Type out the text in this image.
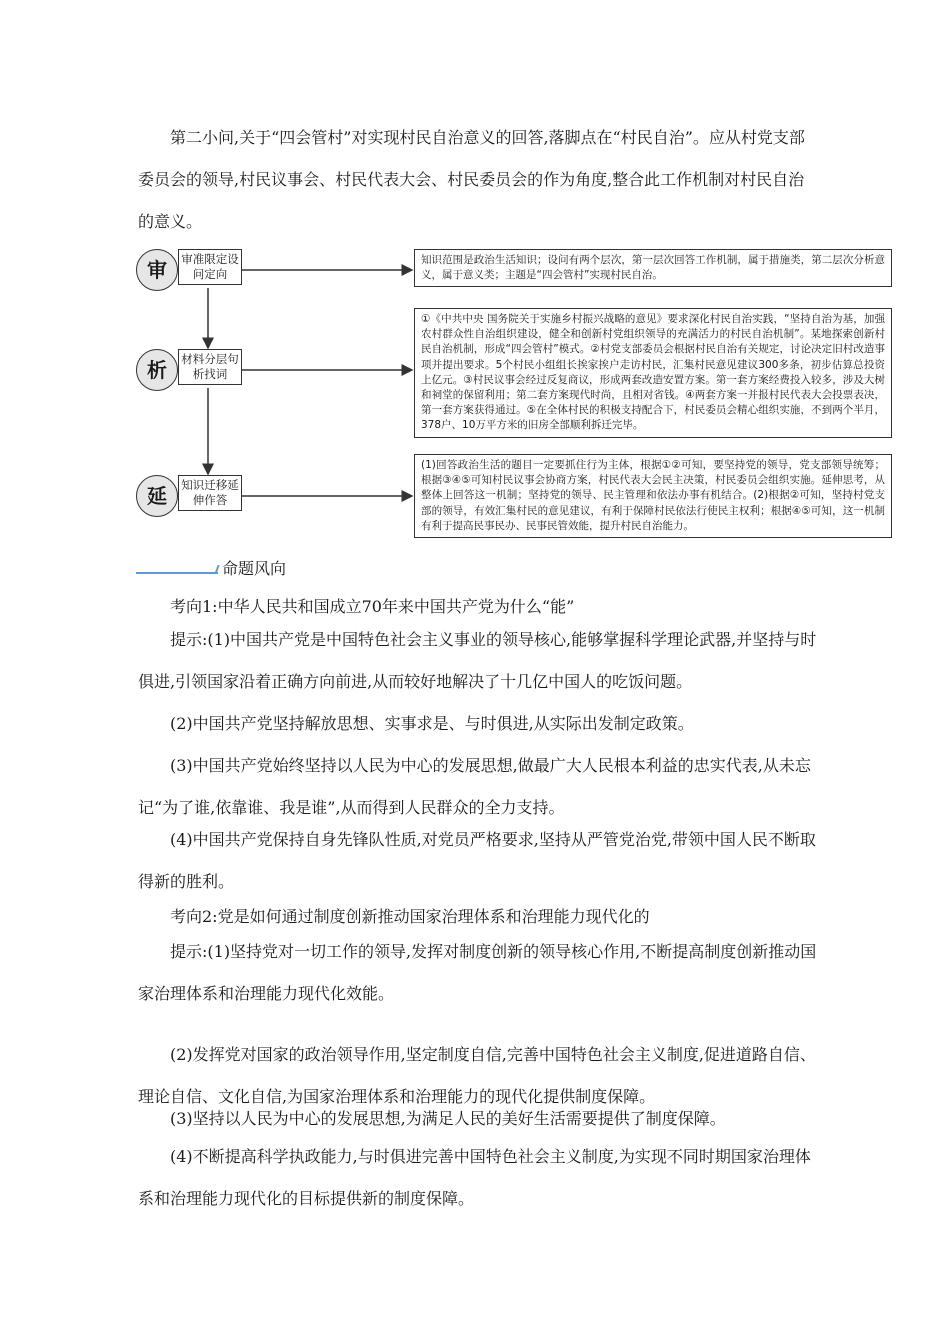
第二小问,关于“四会管村”对实现村民自治意义的回答,落脚点在“村民自治”。应从村党支部委员会的领导,村民议事会、村民代表大会、村民委员会的作为角度,整合此工作机制对村民自治的意义。

审	审准限定设问定向
知识范围是政治生活知识；设问有两个层次，第一层次回答工作机制，属于措施类，第二层次分析意义，属于意义类；主题是“四会管村”实现村民自治。
析	材料分层句析找词
①《中共中央 国务院关于实施乡村振兴战略的意见》要求深化村民自治实践，“坚持自治为基，加强农村群众性自治组织建设，健全和创新村党组织领导的充满活力的村民自治机制”。某地探索创新村民自治机制，形成“四会管村”模式。②村党支部委员会根据村民自治有关规定，讨论决定旧村改造事项并提出要求。5个村民小组组长挨家挨户走访村民，汇集村民意见建议300多条，初步估算总投资上亿元。③村民议事会经过反复商议，形成两套改造安置方案。第一套方案经费投入较多，涉及大树和祠堂的保留利用；第二套方案现代时尚，且相对省钱。④两套方案一并报村民代表大会投票表决，第一套方案获得通过。⑤在全体村民的积极支持配合下，村民委员会精心组织实施，不到两个半月，378户、10万平方米的旧房全部顺利拆迁完毕。
延	知识迁移延伸作答
(1)回答政治生活的题目一定要抓住行为主体，根据①②可知，要坚持党的领导，党支部领导统筹；根据③④⑤可知村民议事会协商方案，村民代表大会民主决策，村民委员会组织实施。延伸思考，从整体上回答这一机制；坚持党的领导、民主管理和依法办事有机结合。(2)根据②可知，坚持村党支部的领导，有效汇集村民的意见建议，有利于保障村民依法行使民主权利；根据④⑤可知，这一机制有利于提高民事民办、民事民管效能，提升村民自治能力。
命题风向
考向1:中华人民共和国成立70年来中国共产党为什么“能”

提示:(1)中国共产党是中国特色社会主义事业的领导核心,能够掌握科学理论武器,并坚持与时俱进,引领国家沿着正确方向前进,从而较好地解决了十几亿中国人的吃饭问题。

(2)中国共产党坚持解放思想、实事求是、与时俱进,从实际出发制定政策。

(3)中国共产党始终坚持以人民为中心的发展思想,做最广大人民根本利益的忠实代表,从未忘记“为了谁,依靠谁、我是谁”,从而得到人民群众的全力支持。

(4)中国共产党保持自身先锋队性质,对党员严格要求,坚持从严管党治党,带领中国人民不断取得新的胜利。

考向2:党是如何通过制度创新推动国家治理体系和治理能力现代化的

提示:(1)坚持党对一切工作的领导,发挥对制度创新的领导核心作用,不断提高制度创新推动国家治理体系和治理能力现代化效能。

(2)发挥党对国家的政治领导作用,坚定制度自信,完善中国特色社会主义制度,促进道路自信、理论自信、文化自信,为国家治理体系和治理能力的现代化提供制度保障。

(3)坚持以人民为中心的发展思想,为满足人民的美好生活需要提供了制度保障。

(4)不断提高科学执政能力,与时俱进完善中国特色社会主义制度,为实现不同时期国家治理体系和治理能力现代化的目标提供新的制度保障。
